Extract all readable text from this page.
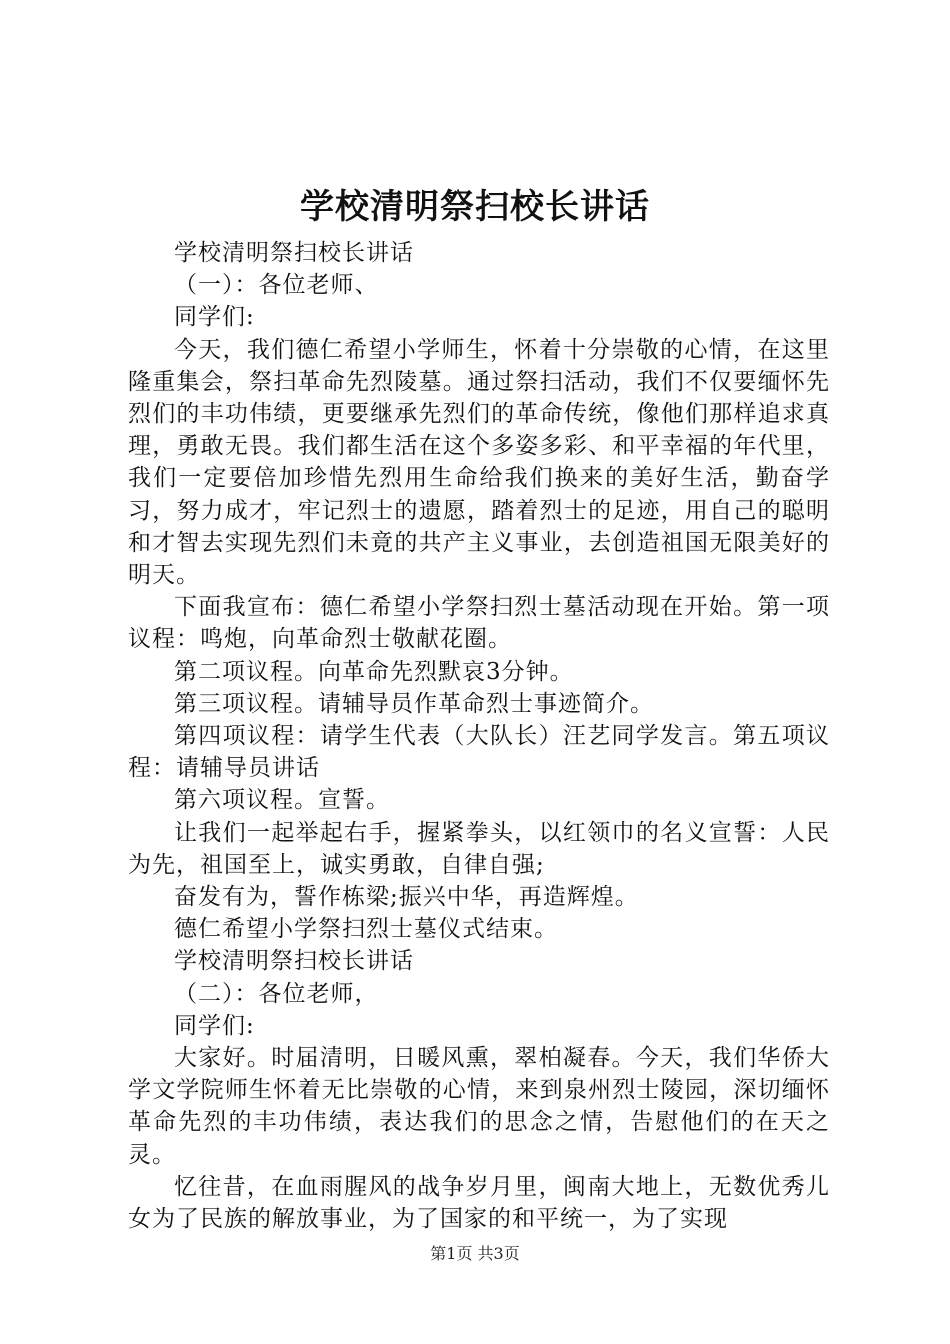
学校清明祭扫校长讲话

学校清明祭扫校长讲话

（一）：各位老师、

同学们:

今天，我们德仁希望小学师生，怀着十分崇敬的心情，在这里隆重集会，祭扫革命先烈陵墓。通过祭扫活动，我们不仅要缅怀先烈们的丰功伟绩，更要继承先烈们的革命传统，像他们那样追求真理，勇敢无畏。我们都生活在这个多姿多彩、和平幸福的年代里，我们一定要倍加珍惜先烈用生命给我们换来的美好生活，勤奋学习，努力成才，牢记烈士的遗愿，踏着烈士的足迹，用自己的聪明和才智去实现先烈们未竟的共产主义事业，去创造祖国无限美好的明天。

下面我宣布：德仁希望小学祭扫烈士墓活动现在开始。第一项议程：鸣炮，向革命烈士敬献花圈。

第二项议程。向革命先烈默哀3分钟。

第三项议程。请辅导员作革命烈士事迹简介。

第四项议程：请学生代表（大队长）汪艺同学发言。第五项议程：请辅导员讲话

第六项议程。宣誓。

让我们一起举起右手，握紧拳头，以红领巾的名义宣誓：人民为先，祖国至上，诚实勇敢，自律自强;

奋发有为，誓作栋梁;振兴中华，再造辉煌。

德仁希望小学祭扫烈士墓仪式结束。

学校清明祭扫校长讲话

（二）：各位老师，

同学们:

大家好。时届清明，日暖风熏，翠柏凝春。今天，我们华侨大学文学院师生怀着无比崇敬的心情，来到泉州烈士陵园，深切缅怀革命先烈的丰功伟绩，表达我们的思念之情，告慰他们的在天之灵。

忆往昔，在血雨腥风的战争岁月里，闽南大地上，无数优秀儿女为了民族的解放事业，为了国家的和平统一，为了实现

第1页 共3页
